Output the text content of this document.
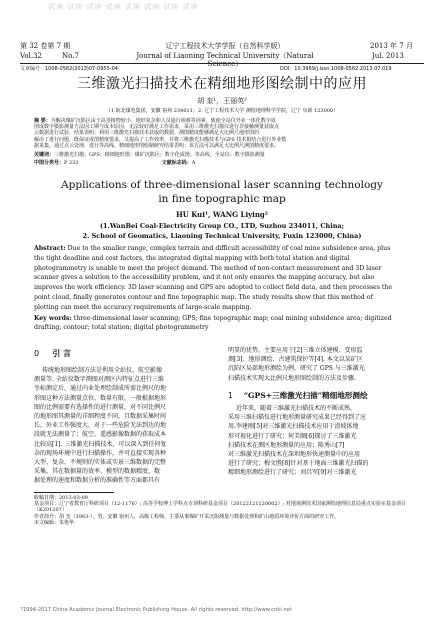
试读 试读 试读 试读 试读 试读 试读 试读
第 32 卷第 7 期	辽宁工程技术大学学报（自然科学版）	2013 年 7 月
Vol.32	No.7	Journal of Liaoning Technical University（Natural Science）
Jul. 2013
文章编号：1008-0562(2013)07-0955-04	DOI：10.3969/j.issn.1008-0562.2013.07.019
三维激光扫描技术在精细地形图绘制中的应用
胡 奎¹，王丽英²
（1.皖北煤电集团，安徽 宿州 234011；2. 辽宁工程技术大学 测绘地理科学学院，辽宁 阜新 123000）
摘 要：为解决煤矿沉陷区由于高茎植物较小、地形复杂和人员通行困难等因素，致使全站仪外业一体化数字成
图成数字摄影测量方法因工期与成本原因，无法较好满足工作需求，采用三维激光扫描仪进行非接触测量获取点
云数据进行试验，结果表明：利用三维激光扫描技术获取的数据，测图精度能够满足大比例尺地形图的
解决了进行问题，既保证成图精度要求，又提高了工作效率，并将三维激光扫描技术与GPS 技术相结合进行外业数
据采集，通过点云处理，进行等高线、精细地形图绘制研究结果表明：该方法可以满足大比例尺测图精度要求。
关键词：三维激光扫描；GPS；精细地形图；煤矿沉陷区；数字化成图；等高线；全站仪；数字摄影测量
中图分类号：P 232	文献标志码：A
Applications of three-dimensional laser scanning technology
in fine topographic map
HU Kui¹, WANG Liying²
(1.WanBei Coal-Electricity Group CO., LTD, Suzhou 234011, China;
2. School of Geomatics, Liaoning Technical University, Fuxin 123000, China)
Abstract: Due to the smaller range, complex terrain and difficult accessibility of coal mine subsidence area, plus
the tight deadline and cost factors, the integrated digital mapping with both total station and digital
photogrammetry is unable to meet the project demand. The method of non-contact measurement and 3D laser
scanner gives a solution to the accessibility problem, and it not only ensures the mapping accuracy, but also
improves the work efficiency. 3D laser scanning and GPS are adopted to collect field data, and then processes the
point cloud, finally generates contour and fine topographic map. The study results show that this method of
plotting can meet the accuracy requirements of large-scale mapping.
Key words: three-dimensional laser scanning; GPS; fine topographic map; coal mining subsidence area; digitized
drafting; contour; total station; digital photogrammetry
0 引 言
传统地形图绘制方法是利用全站仪、航空影像
测量等. 全站仪数字测图对测区内特征点进行三维
坐标测定后，通过内业处理绘制成所需比例尺的地
形图这种方法测量点位，数量有限，一般根据地形
图的比例需要有选择性的进行测量，对不同比例尺
的地形图其测量的详细程度不同，且数据采集时间
长，外业工作强度大，对于一些危险无法到达的地
段就无法测量了；航空、遥感影像数据的获取成本
比较高[1]. 三维激光扫描技术，可以深入到任何复
杂的现场环境中进行扫描操作，并可直接实现各种
大型、复杂、不规则的实体或实景三维数据的完整
采集，其在数据量的效率、模型的数据精度、数
据处理的速度和数据分析的准确性等方面都具有
明显的优势，主要应用于[2]三维立体建模、变形监
测[3]、地形测绘、古建筑保护等[4]. 本文以某矿区
沉陷区局部地形测绘为例，研究了 GPS 与三维激光
扫描技术实现大比例尺地形图绘制的方法及步骤.
1 “GPS+三维激光扫描”精细地形测绘
近年来，随着三维激光扫描技术的不断成熟，
采用三维扫描仪进行地形测量研究成果已经得到了应
用.李建刚[5]对三维激光扫描技术应用于滑坡体地
形可视化进行了研究；何美顺[6]探讨了三维激光
扫描技术在测区地形测量的应用；陈秀山[7]
对三维激光扫描技术在深圳地形快速测量中的应用
进行了研究；梅文胜[8]针对基于地面三维激光扫描的
精细地形测绘进行了研究；刘昌军[9]对三维激光
收稿日期：2013-03-09
基金项目：辽宁省教育厅科研项目（12-1176）; 高等学校博士学科点专项科研基金项目（20122121120002）; 对地观测技术国家测绘地理信息局重点实验室基金项目（K201207）
作者简介：胡 奎（1963-），男，安徽 宿州人，高级工程师，主要从事煤矿开采沉陷测量与数据处理和矿山地质环境评价方面的研究工作。
本文编辑：朱艳华
?1994-2017 China Academic Journal Electronic Publishing House. All rights reserved. http://www.cnki.net
